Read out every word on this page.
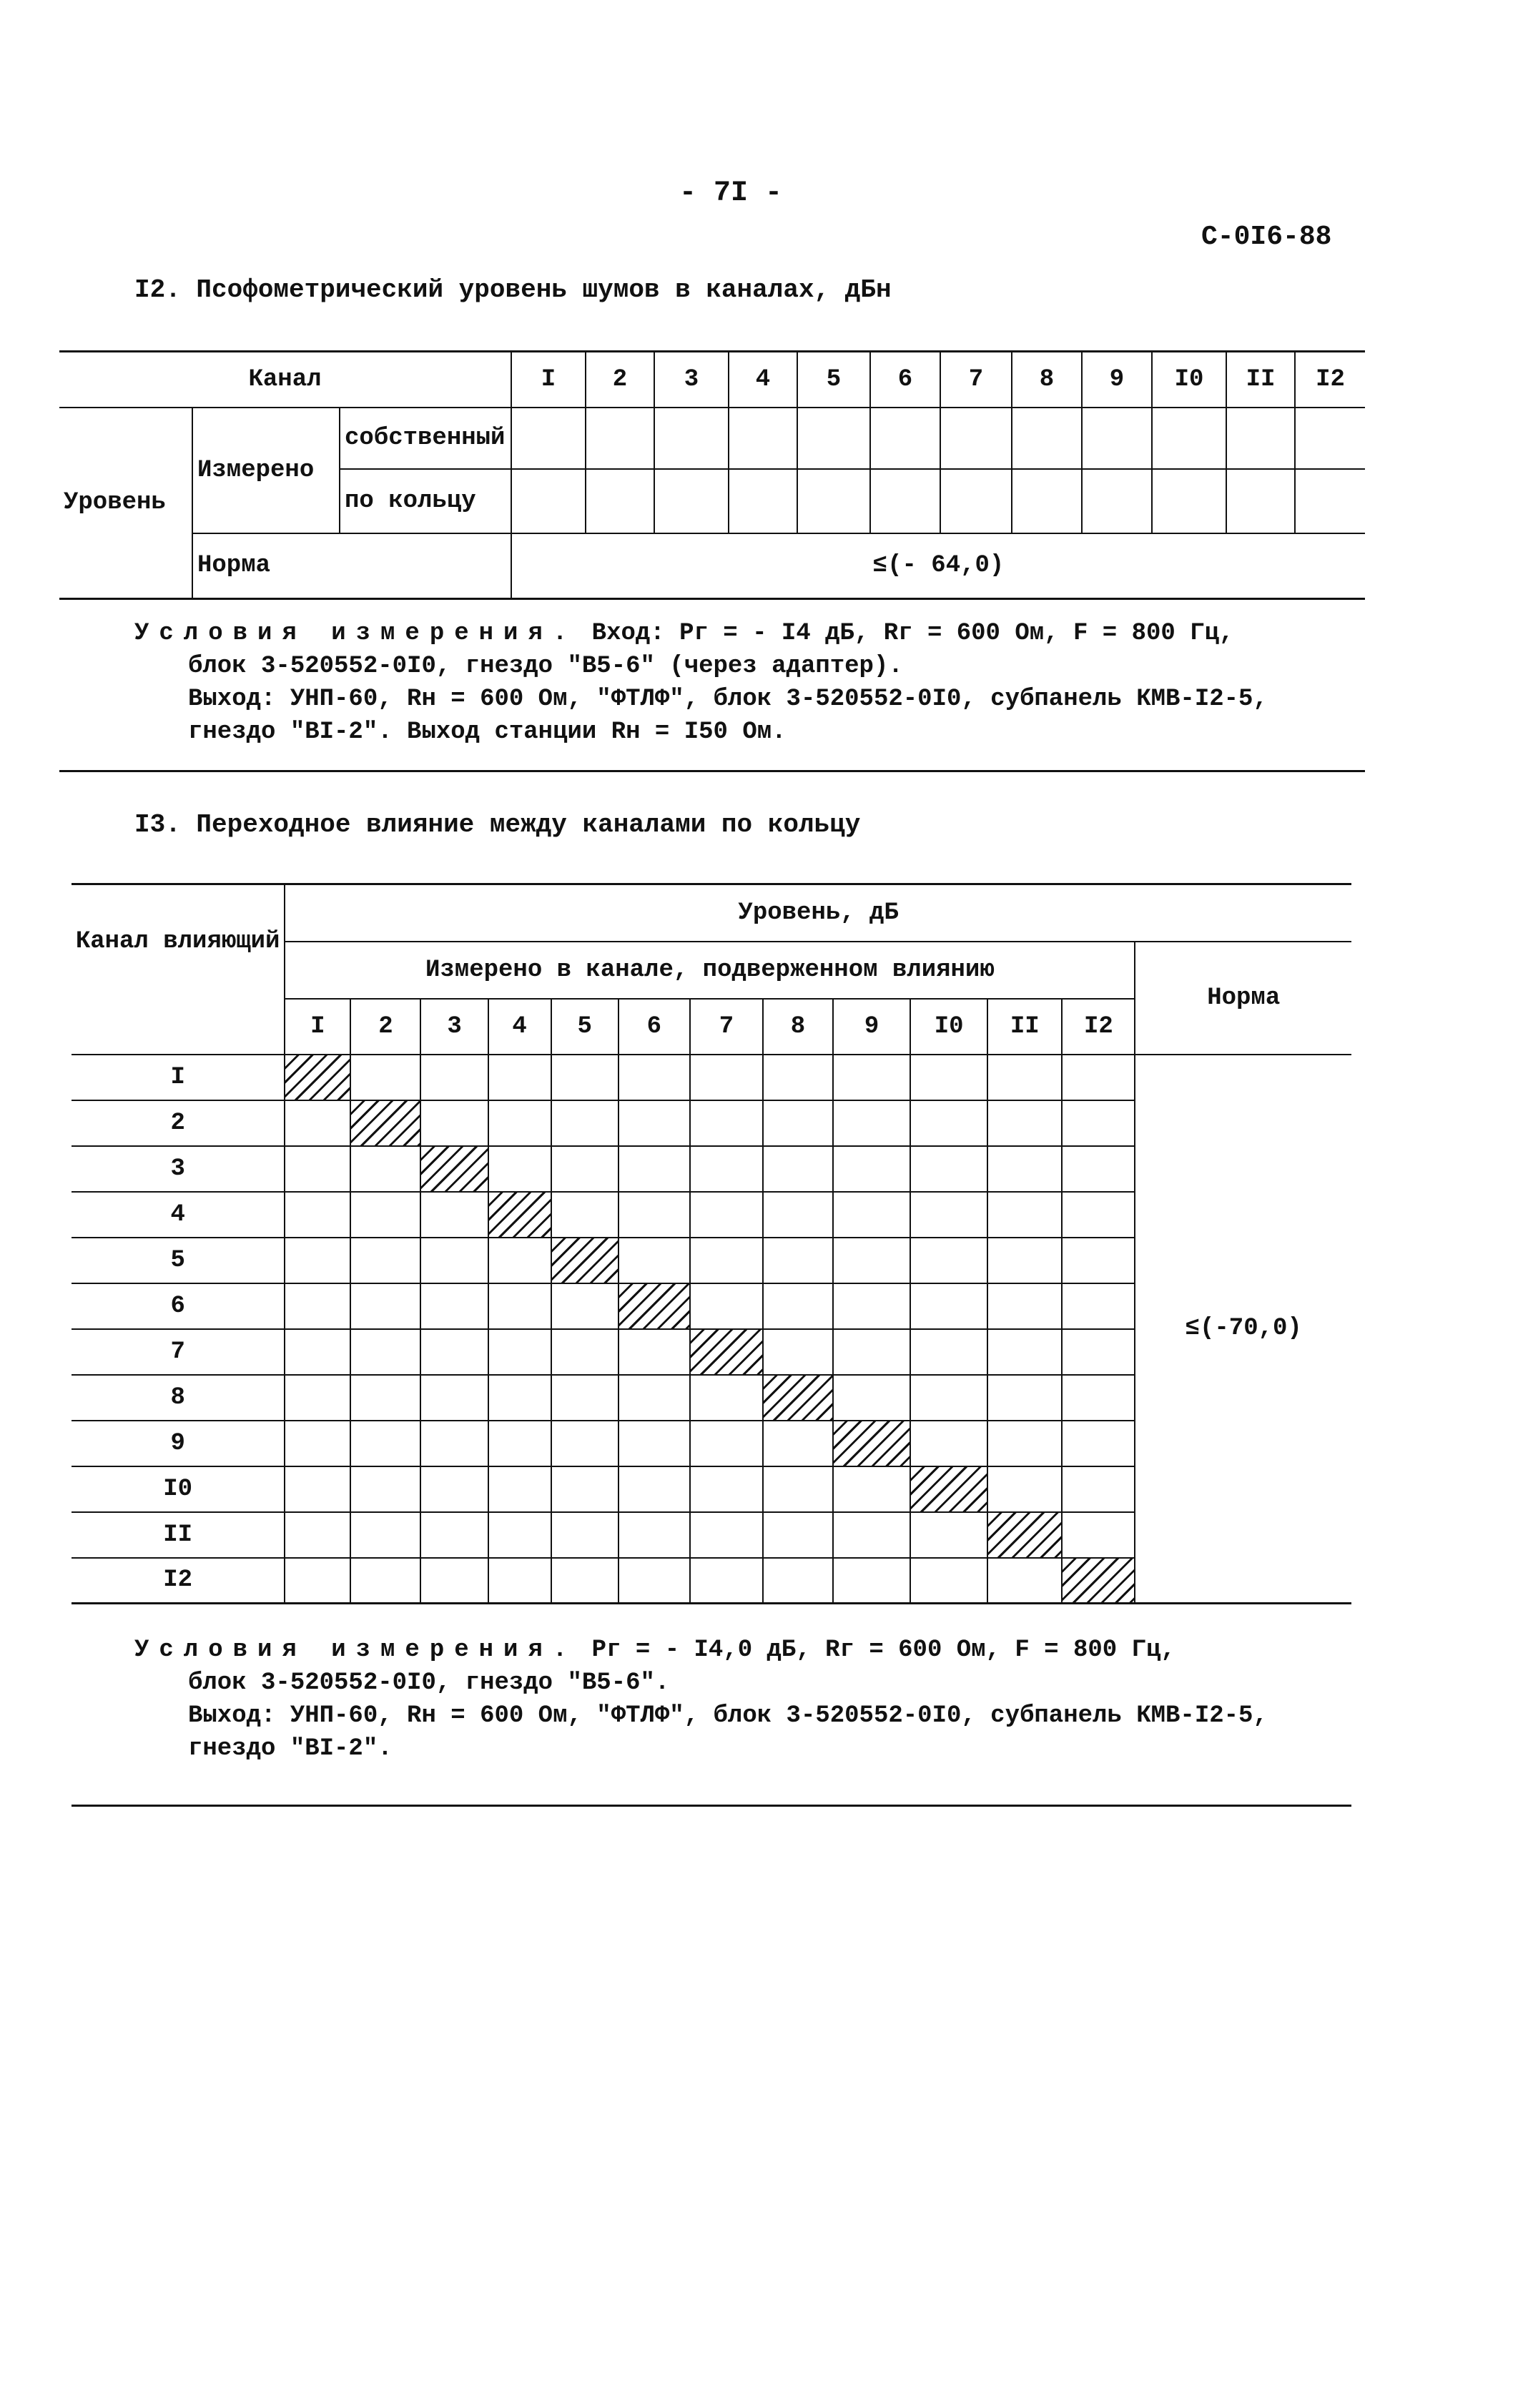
- 7I -
С-0I6-88
I2. Псофометрический уровень шумов в каналах, дБн
Канал			I	2	3	4	5	6	7	8	9	I0	II	I2
Уровень	Измерено	собственный												
		по кольцу												
	Норма		≤(- 64,0)											
Условия измерения. Вход: Pг = - I4 дБ, Rг = 600 Ом, F = 800 Гц,
блок 3-520552-0I0, гнездо "В5-6" (через адаптер).
Выход: УНП-60, Rн = 600 Ом, "ФТЛФ", блок 3-520552-0I0, субпанель КМВ-I2-5,
гнездо "ВI-2". Выход станции Rн = I50 Ом.
I3. Переходное влияние между каналами по кольцу
Канал влияющий	Уровень, дБ												
	Измерено в канале, подверженном влиянию												Норма
	I	2	3	4	5	6	7	8	9	I0	II	I2	
I													≤(-70,0)
2													
3													
4													
5													
6													
7													
8													
9													
I0													
II													
I2													
Условия измерения. Pг = - I4,0 дБ, Rг = 600 Ом, F = 800 Гц,
блок 3-520552-0I0, гнездо "В5-6".
Выход: УНП-60, Rн = 600 Ом, "ФТЛФ", блок 3-520552-0I0, субпанель КМВ-I2-5,
гнездо "ВI-2".
